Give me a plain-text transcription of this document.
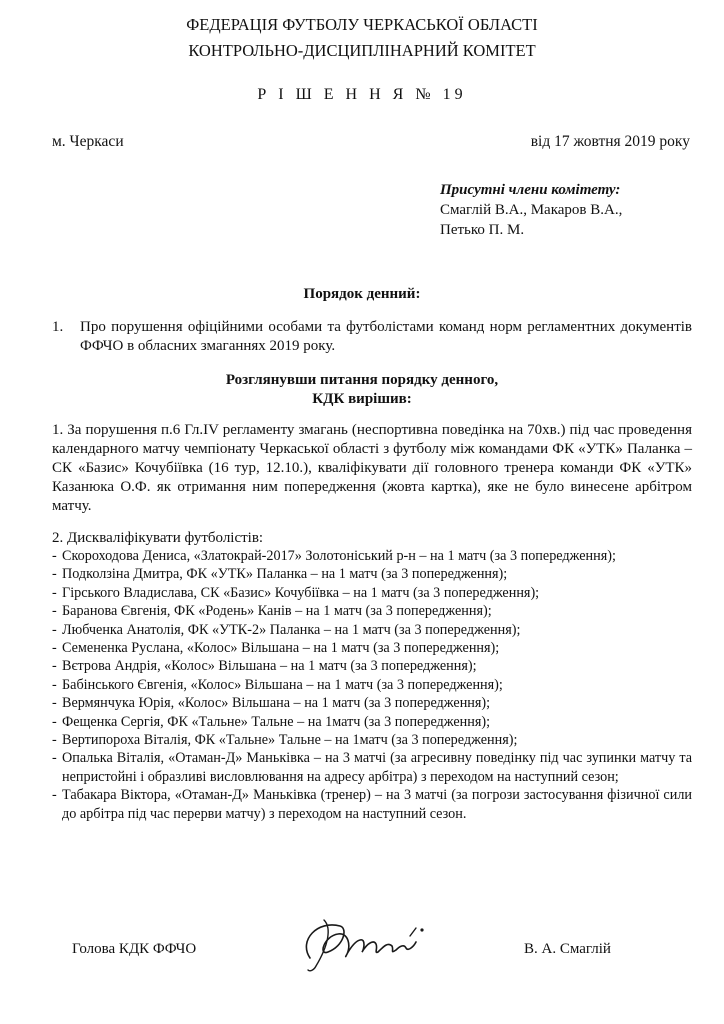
ФЕДЕРАЦІЯ ФУТБОЛУ ЧЕРКАСЬКОЇ ОБЛАСТІ
КОНТРОЛЬНО-ДИСЦИПЛІНАРНИЙ КОМІТЕТ
Р І Ш Е Н Н Я № 19
м. Черкаси	від 17 жовтня 2019 року
Присутні члени комітету:
Смаглій В.А., Макаров В.А.,
Петько П. М.
Порядок денний:
1. Про порушення офіційними особами та футболістами команд норм регламентних документів ФФЧО в обласних змаганнях 2019 року.
Розглянувши питання порядку денного,
КДК вирішив:
1. За порушення п.6 Гл.IV регламенту змагань (неспортивна поведінка на 70хв.) під час проведення календарного матчу чемпіонату Черкаської області з футболу між командами ФК «УТК» Паланка – СК «Базис» Кочубіївка (16 тур, 12.10.), кваліфікувати дії головного тренера команди ФК «УТК» Казанюка О.Ф. як отримання ним попередження (жовта картка), яке не було винесене арбітром матчу.
2. Дискваліфікувати футболістів:
- Скороходова Дениса, «Златокрай-2017» Золотоніський р-н – на 1 матч (за 3 попередження);
- Подколзіна Дмитра, ФК «УТК» Паланка – на 1 матч (за 3 попередження);
- Гірського Владислава, СК «Базис» Кочубіївка – на 1 матч (за 3 попередження);
- Баранова Євгенія, ФК «Родень» Канів – на 1 матч (за 3 попередження);
- Любченка Анатолія, ФК «УТК-2» Паланка – на 1 матч (за 3 попередження);
- Семененка Руслана, «Колос» Вільшана – на 1 матч (за 3 попередження);
- Вєтрова Андрія, «Колос» Вільшана – на 1 матч (за 3 попередження);
- Бабінського Євгенія, «Колос» Вільшана – на 1 матч (за 3 попередження);
- Вермянчука Юрія, «Колос» Вільшана – на 1 матч (за 3 попередження);
- Фещенка Сергія, ФК «Тальне» Тальне – на 1матч (за 3 попередження);
- Вертипороха Віталія, ФК «Тальне» Тальне – на 1матч (за 3 попередження);
- Опалька Віталія, «Отаман-Д» Маньківка – на 3 матчі (за агресивну поведінку під час зупинки матчу та непристойні і образливі висловлювання на адресу арбітра) з переходом на наступний сезон;
- Табакара Віктора, «Отаман-Д» Маньківка (тренер) – на 3 матчі (за погрози застосування фізичної сили до арбітра під час перерви матчу) з переходом на наступний сезон.
Голова КДК ФФЧО	В. А. Смаглій
